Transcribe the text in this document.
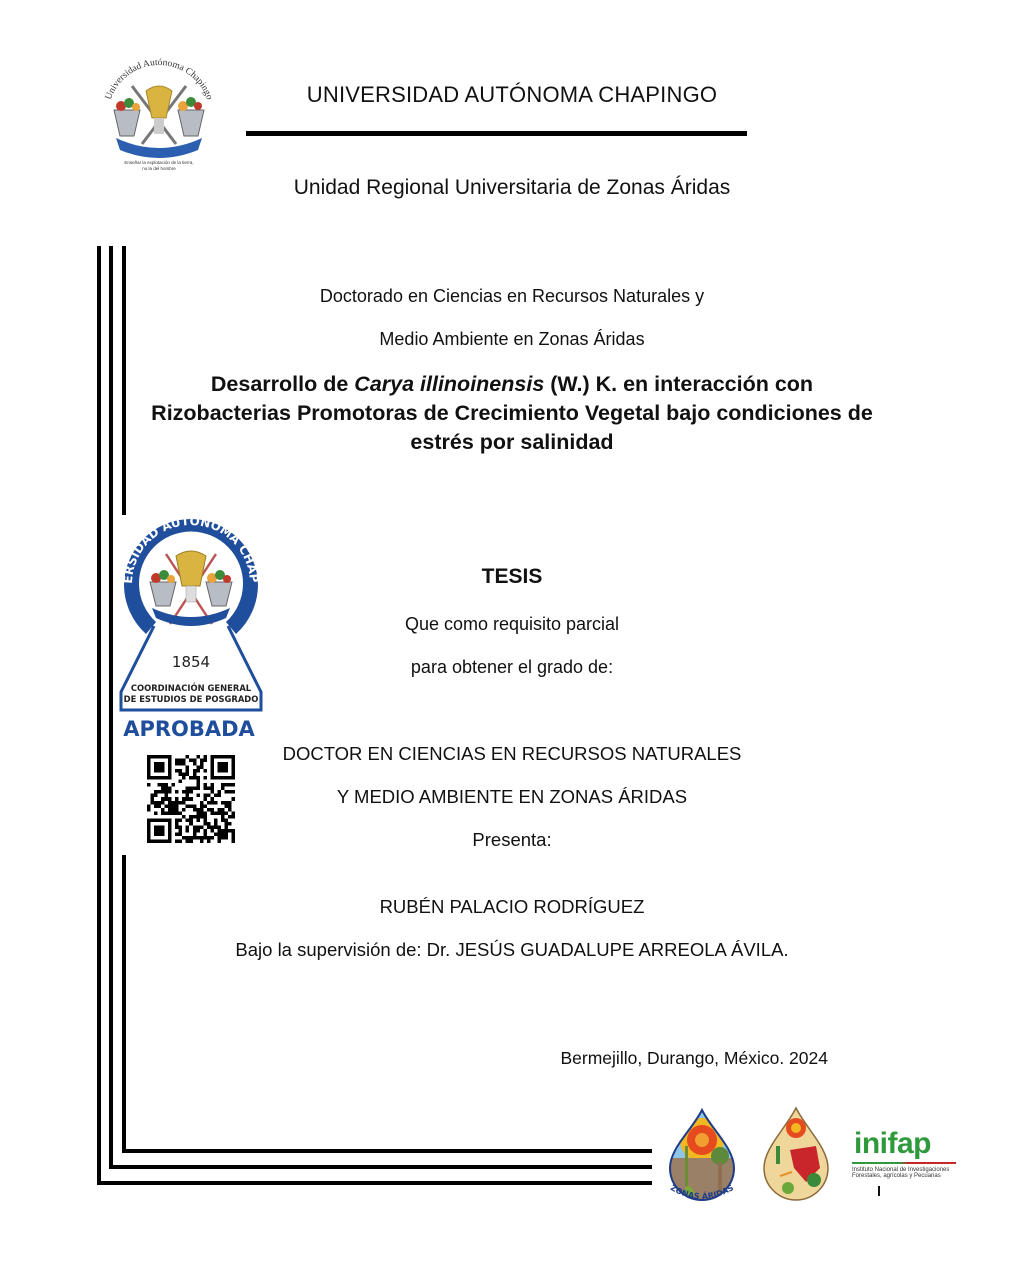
Universidad Autónoma Chapingo
Enseñar la explotación de la tierra,
no la del hombre
UNIVERSIDAD AUTÓNOMA CHAPINGO
Unidad Regional Universitaria de Zonas Áridas
Doctorado en Ciencias en Recursos Naturales y
Medio Ambiente en Zonas Áridas
Desarrollo de Carya illinoinensis (W.) K. en interacción con Rizobacterias Promotoras de Crecimiento Vegetal bajo condiciones de estrés por salinidad
ERSIDAD AUTÓNOMA CHAP
1854
COORDINACIÓN GENERAL
DE ESTUDIOS DE POSGRADO
APROBADA
TESIS
Que como requisito parcial
para obtener el grado de:
DOCTOR EN CIENCIAS EN RECURSOS NATURALES
Y MEDIO AMBIENTE EN ZONAS ÁRIDAS
Presenta:
RUBÉN PALACIO RODRÍGUEZ
Bajo la supervisión de: Dr. JESÚS GUADALUPE ARREOLA ÁVILA.
Bermejillo, Durango, México. 2024
ZONAS ÁRIDAS
inifap
Instituto Nacional de Investigaciones
Forestales, agrícolas y Pecuarias
